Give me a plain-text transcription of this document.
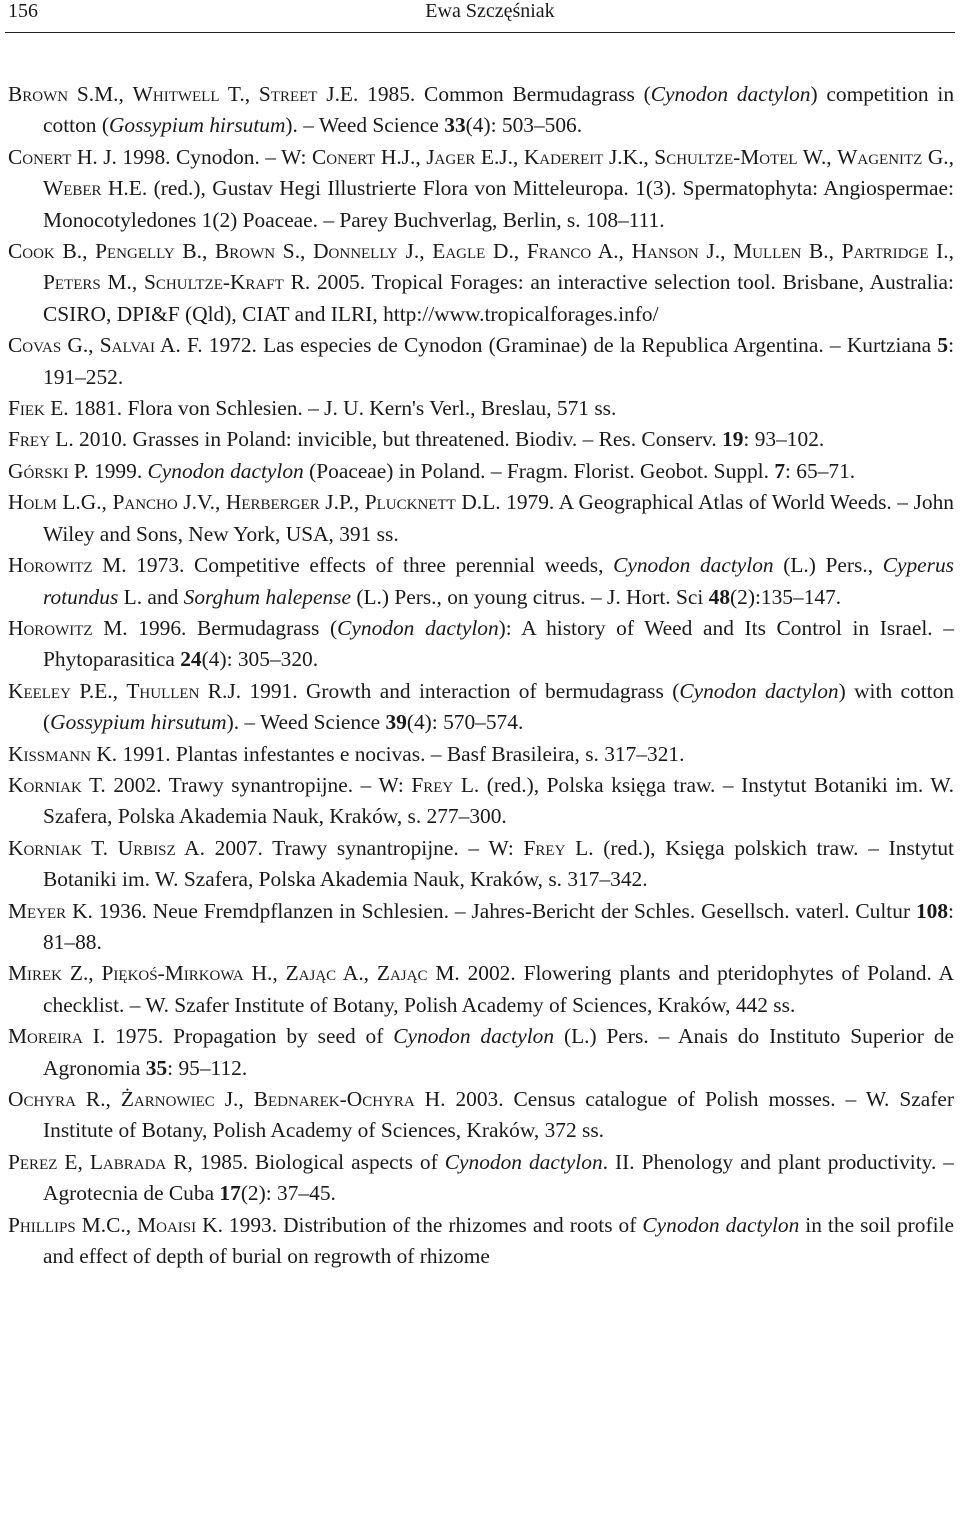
156	Ewa Szczęśniak

Brown S.M., Whitwell T., Street J.E. 1985. Common Bermudagrass (Cynodon dactylon) competition in cotton (Gossypium hirsutum). – Weed Science 33(4): 503–506.

Conert H. J. 1998. Cynodon. – W: Conert H.J., Jager E.J., Kadereit J.K., Schultze-Motel W., Wagenitz G., Weber H.E. (red.), Gustav Hegi Illustrierte Flora von Mitteleuropa. 1(3). Spermatophyta: Angiospermae: Monocotyledones 1(2) Poaceae. – Parey Buchverlag, Berlin, s. 108–111.

Cook B., Pengelly B., Brown S., Donnelly J., Eagle D., Franco A., Hanson J., Mullen B., Partridge I., Peters M., Schultze-Kraft R. 2005. Tropical Forages: an interactive selection tool. Brisbane, Australia: CSIRO, DPI&F (Qld), CIAT and ILRI, http://www.tropicalforages.info/

Covas G., Salvai A. F. 1972. Las especies de Cynodon (Graminae) de la Republica Argentina. – Kurtziana 5: 191–252.

Fiek E. 1881. Flora von Schlesien. – J. U. Kern's Verl., Breslau, 571 ss.

Frey L. 2010. Grasses in Poland: invicible, but threatened. Biodiv. – Res. Conserv. 19: 93–102.

Górski P. 1999. Cynodon dactylon (Poaceae) in Poland. – Fragm. Florist. Geobot. Suppl. 7: 65–71.

Holm L.G., Pancho J.V., Herberger J.P., Plucknett D.L. 1979. A Geographical Atlas of World Weeds. – John Wiley and Sons, New York, USA, 391 ss.

Horowitz M. 1973. Competitive effects of three perennial weeds, Cynodon dactylon (L.) Pers., Cyperus rotundus L. and Sorghum halepense (L.) Pers., on young citrus. – J. Hort. Sci 48(2):135–147.

Horowitz M. 1996. Bermudagrass (Cynodon dactylon): A history of Weed and Its Control in Israel. – Phytoparasitica 24(4): 305–320.

Keeley P.E., Thullen R.J. 1991. Growth and interaction of bermudagrass (Cynodon dactylon) with cotton (Gossypium hirsutum). – Weed Science 39(4): 570–574.

Kissmann K. 1991. Plantas infestantes e nocivas. – Basf Brasileira, s. 317–321.

Korniak T. 2002. Trawy synantropijne. – W: Frey L. (red.), Polska księga traw. – Instytut Botaniki im. W. Szafera, Polska Akademia Nauk, Kraków, s. 277–300.

Korniak T. Urbisz A. 2007. Trawy synantropijne. – W: Frey L. (red.), Księga polskich traw. – Instytut Botaniki im. W. Szafera, Polska Akademia Nauk, Kraków, s. 317–342.

Meyer K. 1936. Neue Fremdpflanzen in Schlesien. – Jahres-Bericht der Schles. Gesellsch. vaterl. Cultur 108: 81–88.

Mirek Z., Piękoś-Mirkowa H., Zając A., Zając M. 2002. Flowering plants and pteridophytes of Poland. A checklist. – W. Szafer Institute of Botany, Polish Academy of Sciences, Kraków, 442 ss.

Moreira I. 1975. Propagation by seed of Cynodon dactylon (L.) Pers. – Anais do Instituto Superior de Agronomia 35: 95–112.

Ochyra R., Żarnowiec J., Bednarek-Ochyra H. 2003. Census catalogue of Polish mosses. – W. Szafer Institute of Botany, Polish Academy of Sciences, Kraków, 372 ss.

Perez E, Labrada R, 1985. Biological aspects of Cynodon dactylon. II. Phenology and plant productivity. – Agrotecnia de Cuba 17(2): 37–45.

Phillips M.C., Moaisi K. 1993. Distribution of the rhizomes and roots of Cynodon dactylon in the soil profile and effect of depth of burial on regrowth of rhizome
